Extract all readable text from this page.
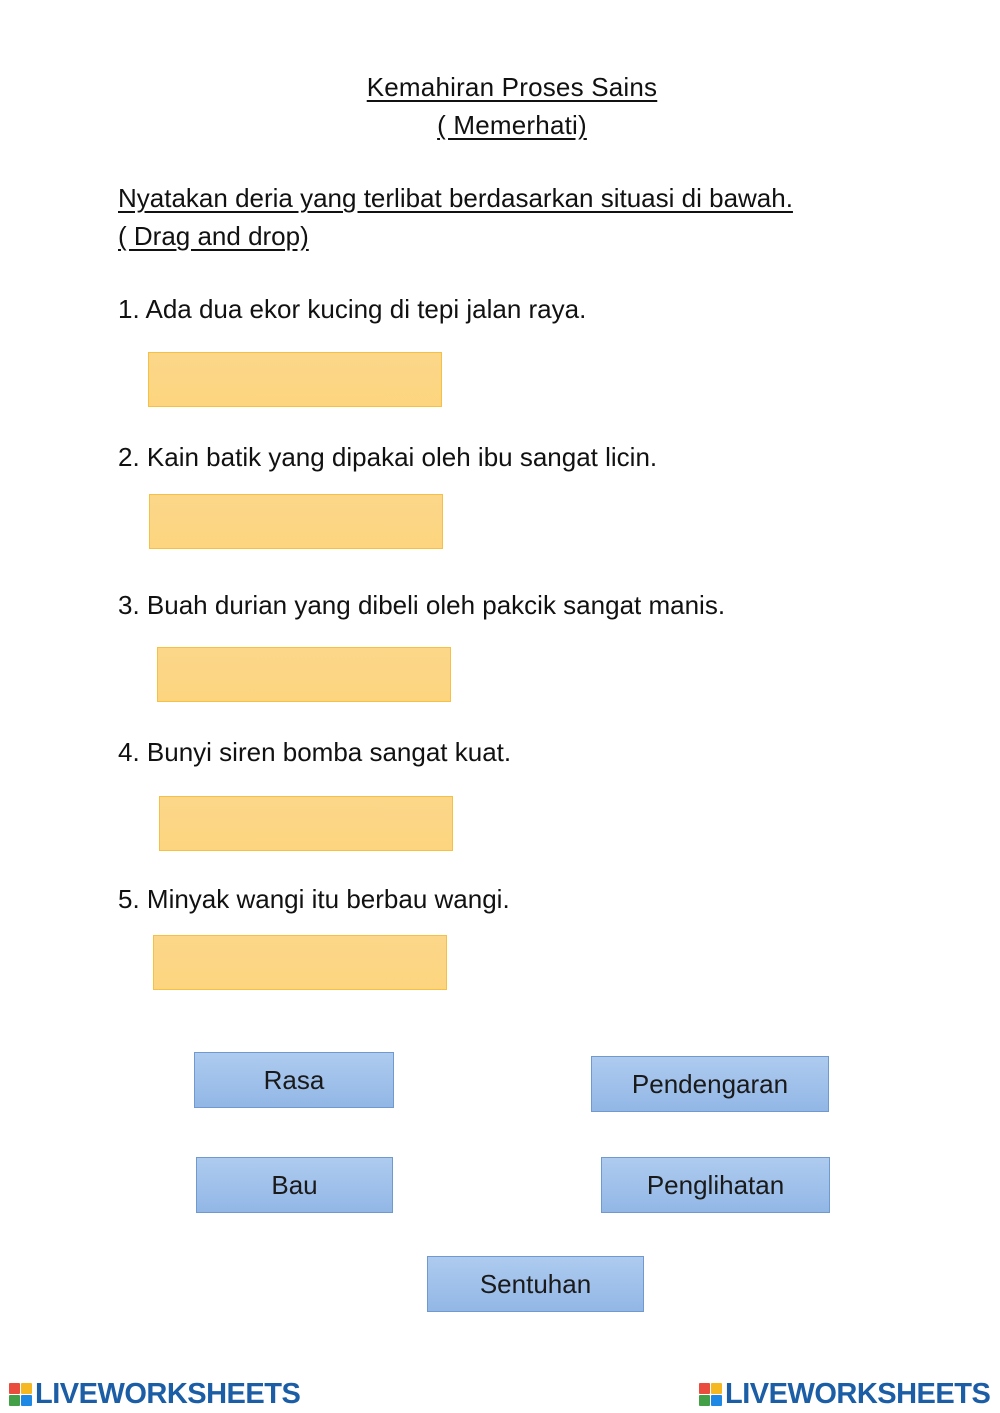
Kemahiran Proses Sains
( Memerhati)
Nyatakan deria yang terlibat berdasarkan situasi di bawah.
( Drag and drop)
1. Ada dua ekor kucing di tepi jalan raya.
2. Kain batik yang dipakai oleh ibu sangat licin.
3. Buah durian yang dibeli oleh pakcik sangat manis.
4. Bunyi siren bomba sangat kuat.
5. Minyak wangi itu berbau wangi.
Rasa	Pendengaran
Bau	Penglihatan
Sentuhan
LIVEWORKSHEETS	LIVEWORKSHEETS
